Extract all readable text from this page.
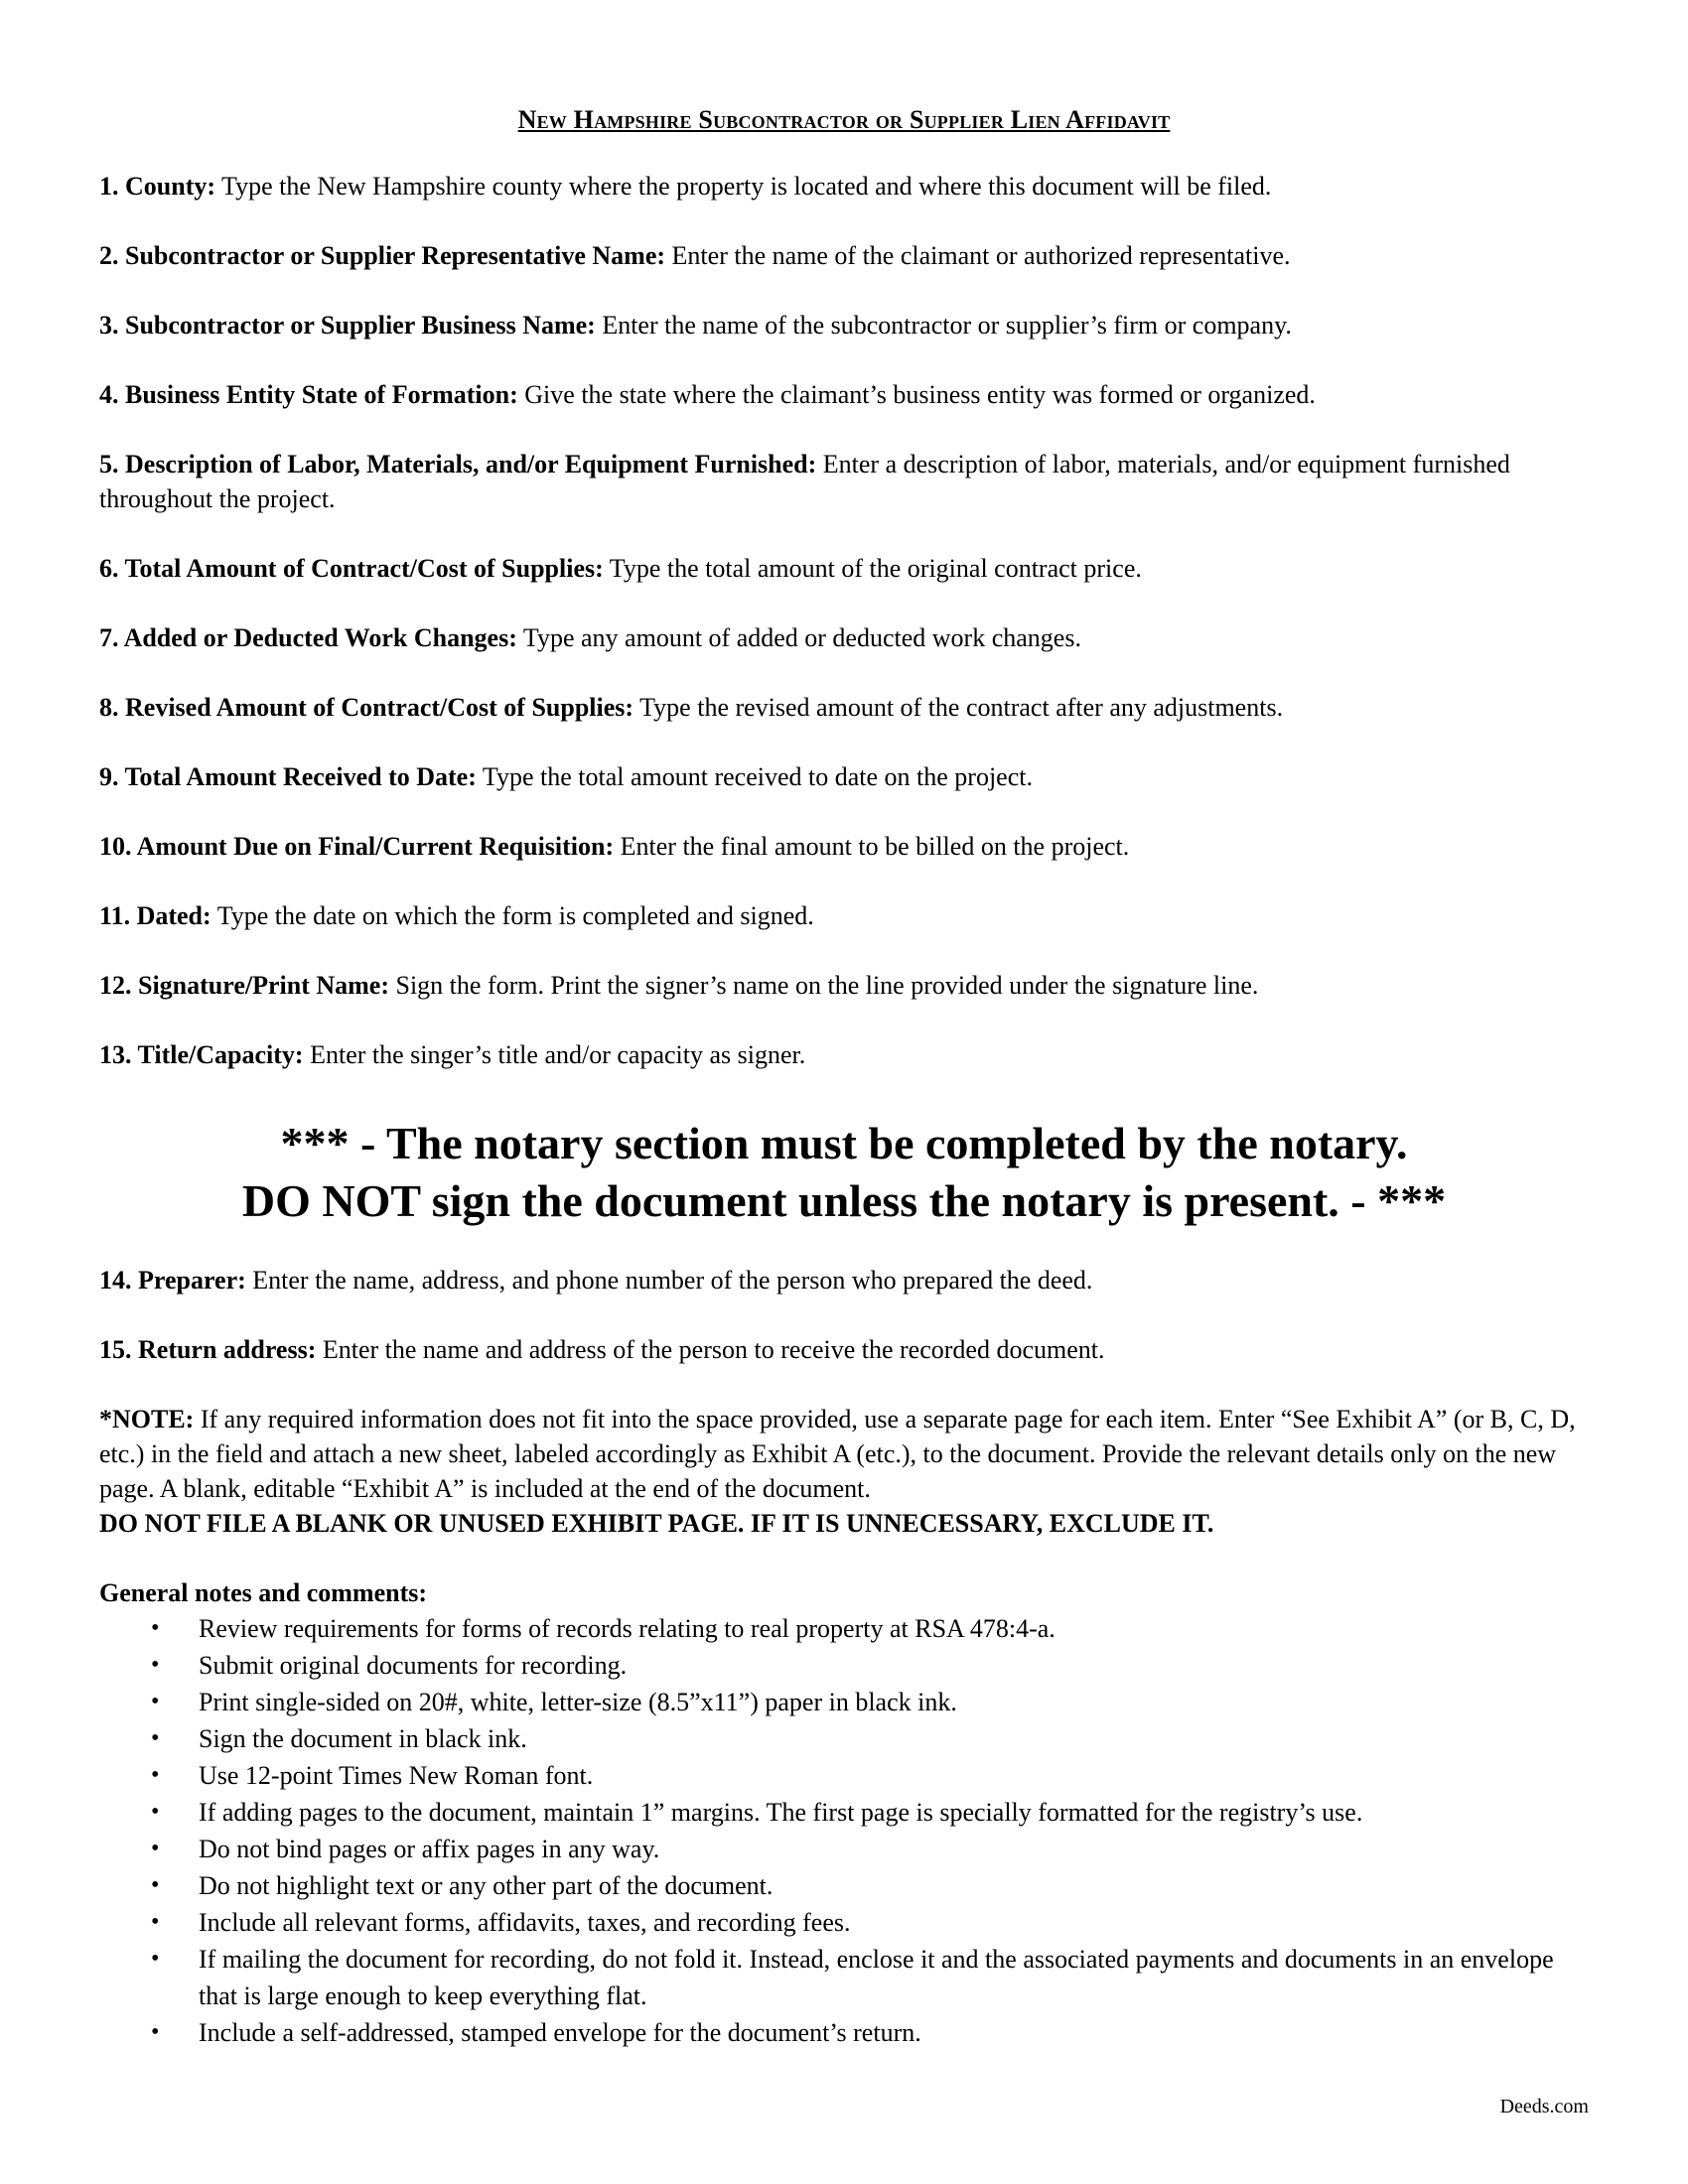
New Hampshire Subcontractor or Supplier Lien Affidavit

1. County: Type the New Hampshire county where the property is located and where this document will be filed.

2. Subcontractor or Supplier Representative Name: Enter the name of the claimant or authorized representative.

3. Subcontractor or Supplier Business Name: Enter the name of the subcontractor or supplier’s firm or company.

4. Business Entity State of Formation: Give the state where the claimant’s business entity was formed or organized.

5. Description of Labor, Materials, and/or Equipment Furnished: Enter a description of labor, materials, and/or equipment furnished throughout the project.

6. Total Amount of Contract/Cost of Supplies: Type the total amount of the original contract price.

7. Added or Deducted Work Changes: Type any amount of added or deducted work changes.

8. Revised Amount of Contract/Cost of Supplies: Type the revised amount of the contract after any adjustments.

9. Total Amount Received to Date: Type the total amount received to date on the project.

10. Amount Due on Final/Current Requisition: Enter the final amount to be billed on the project.

11. Dated: Type the date on which the form is completed and signed.

12. Signature/Print Name: Sign the form. Print the signer’s name on the line provided under the signature line.

13. Title/Capacity: Enter the singer’s title and/or capacity as signer.

*** - The notary section must be completed by the notary.
DO NOT sign the document unless the notary is present. - ***

14. Preparer: Enter the name, address, and phone number of the person who prepared the deed.

15. Return address: Enter the name and address of the person to receive the recorded document.

*NOTE: If any required information does not fit into the space provided, use a separate page for each item. Enter “See Exhibit A” (or B, C, D, etc.) in the field and attach a new sheet, labeled accordingly as Exhibit A (etc.), to the document. Provide the relevant details only on the new page. A blank, editable “Exhibit A” is included at the end of the document.
DO NOT FILE A BLANK OR UNUSED EXHIBIT PAGE. IF IT IS UNNECESSARY, EXCLUDE IT.
General notes and comments:
• Review requirements for forms of records relating to real property at RSA 478:4-a.
• Submit original documents for recording.
• Print single-sided on 20#, white, letter-size (8.5”x11”) paper in black ink.
• Sign the document in black ink.
• Use 12-point Times New Roman font.
• If adding pages to the document, maintain 1” margins. The first page is specially formatted for the registry’s use.
• Do not bind pages or affix pages in any way.
• Do not highlight text or any other part of the document.
• Include all relevant forms, affidavits, taxes, and recording fees.
• If mailing the document for recording, do not fold it. Instead, enclose it and the associated payments and documents in an envelope that is large enough to keep everything flat.
• Include a self-addressed, stamped envelope for the document’s return.
Deeds.com
